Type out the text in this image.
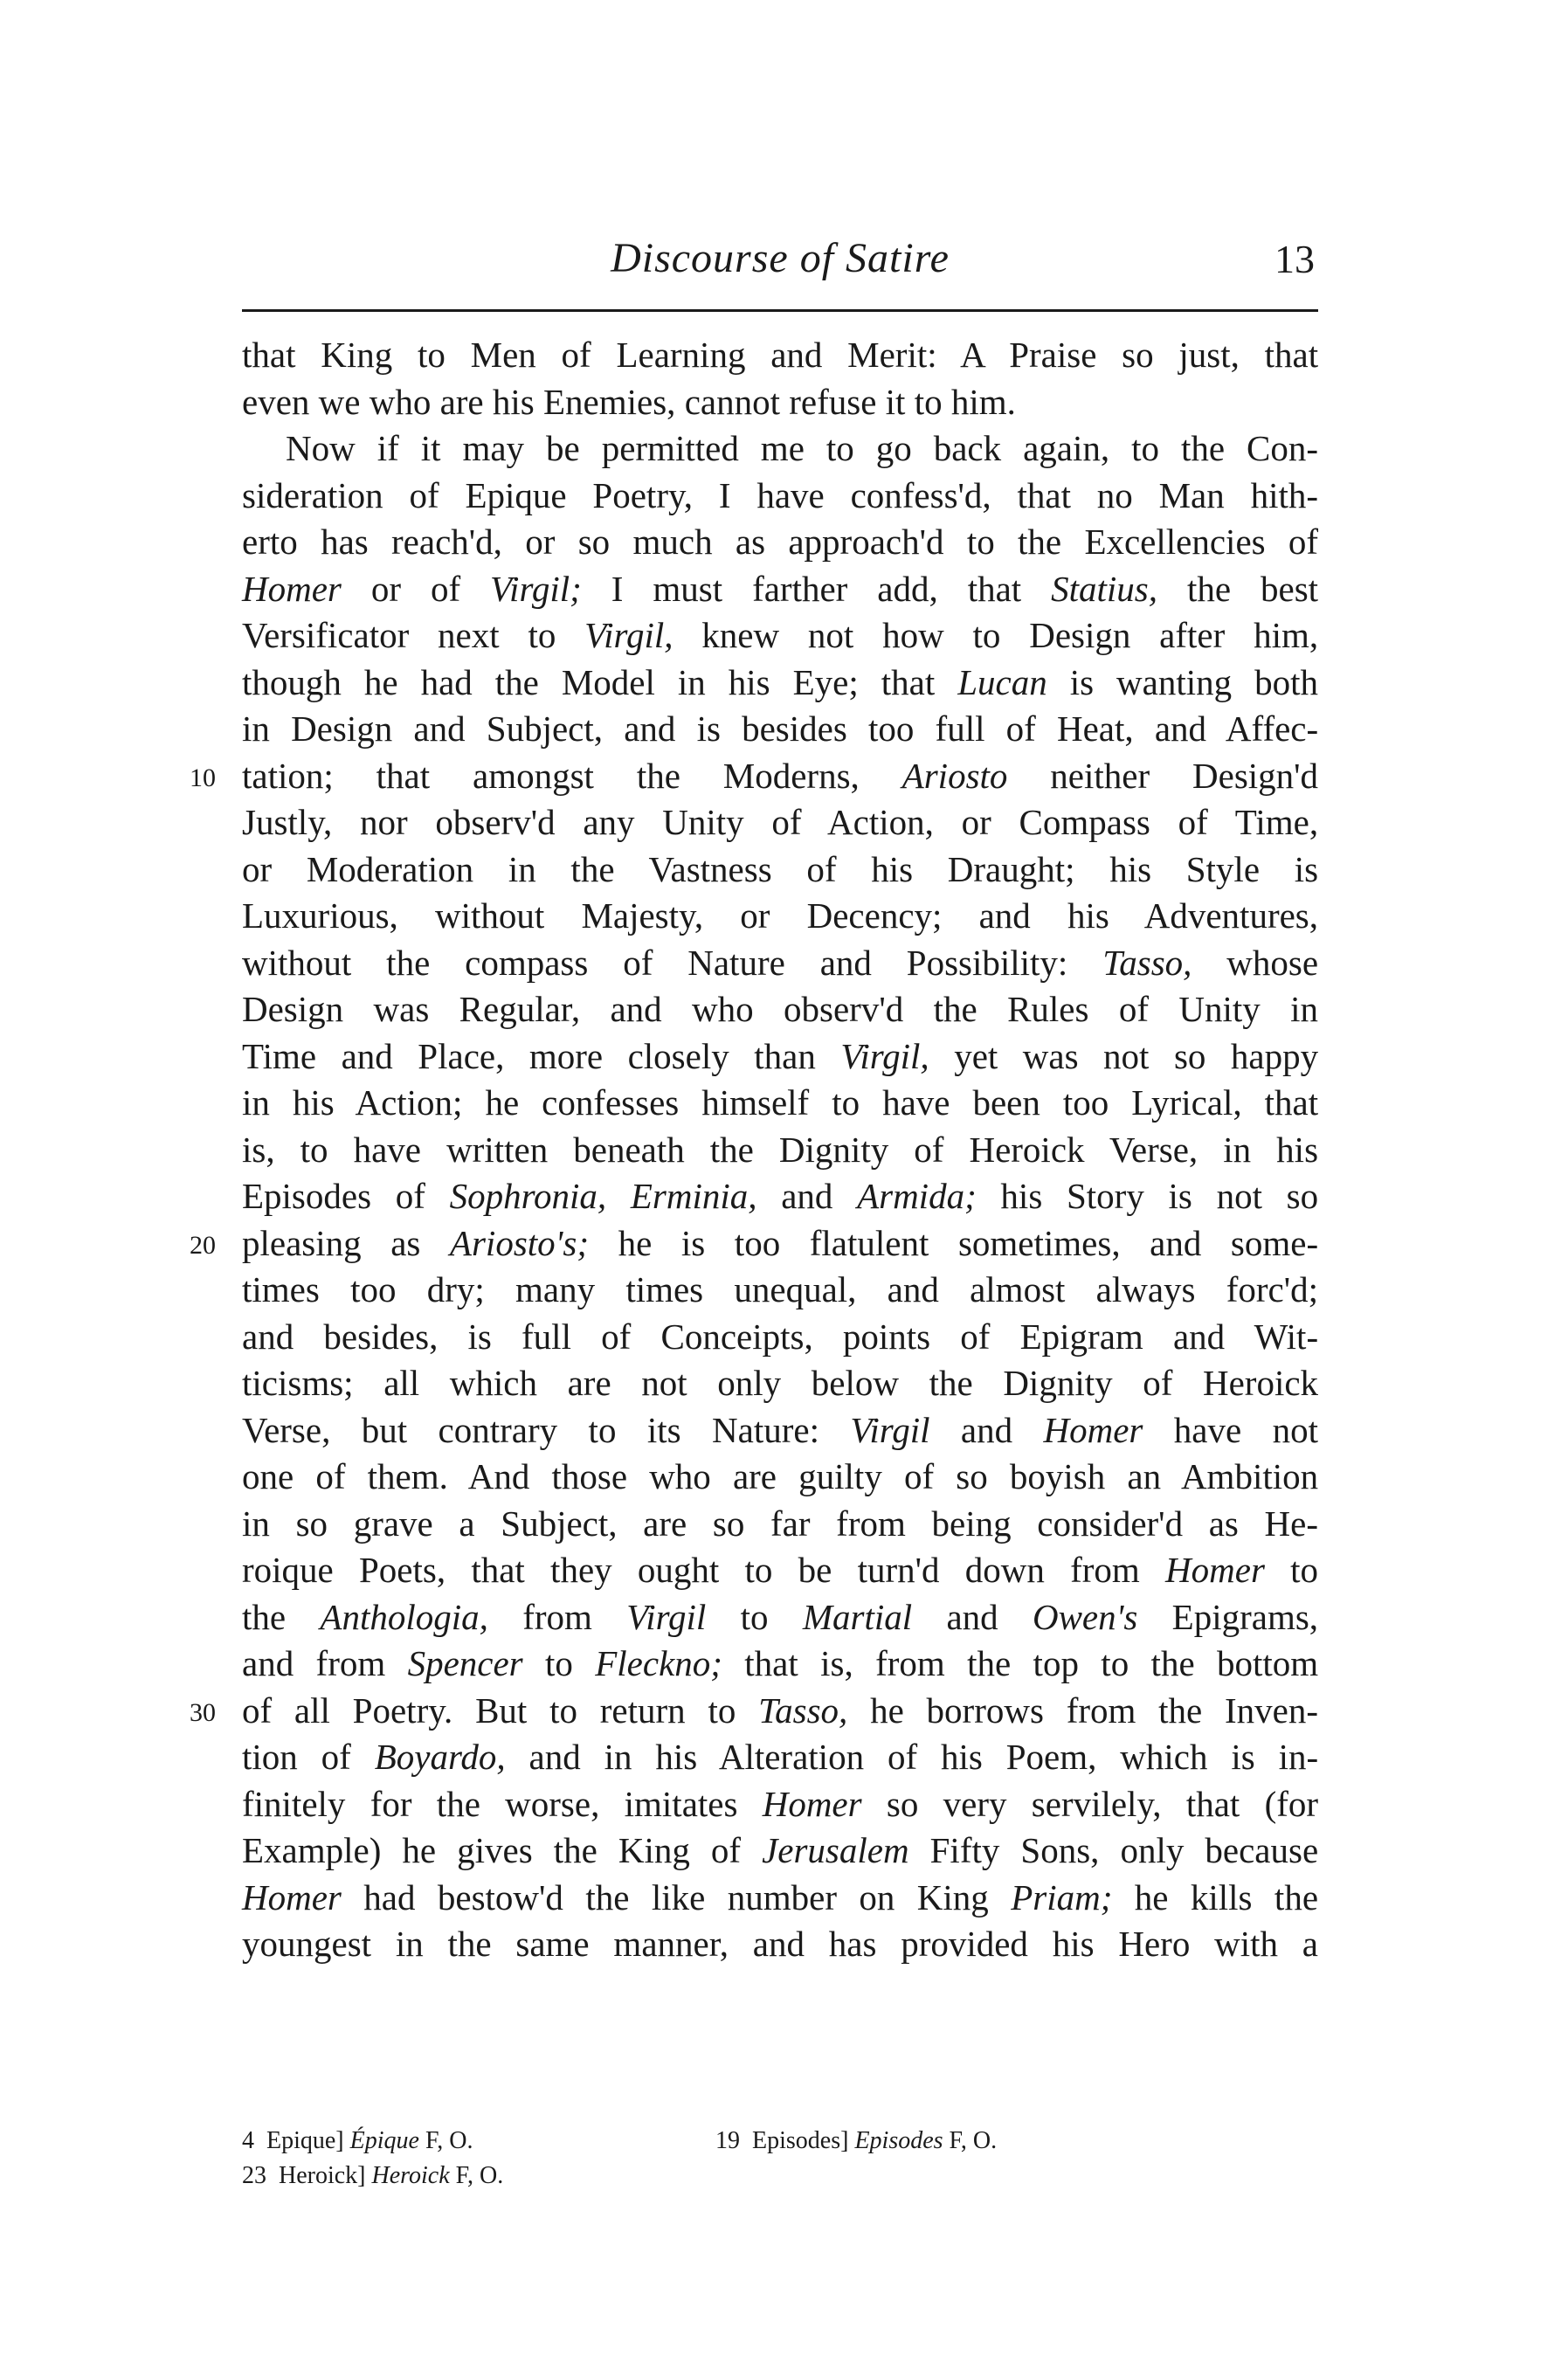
Discourse of Satire	13
that King to Men of Learning and Merit: A Praise so just, that
even we who are his Enemies, cannot refuse it to him.
Now if it may be permitted me to go back again, to the Con-
sideration of Epique Poetry, I have confess'd, that no Man hith-
erto has reach'd, or so much as approach'd to the Excellencies of
Homer or of Virgil; I must farther add, that Statius, the best
Versificator next to Virgil, knew not how to Design after him,
though he had the Model in his Eye; that Lucan is wanting both
in Design and Subject, and is besides too full of Heat, and Affec-
tation; that amongst the Moderns, Ariosto neither Design'd
10
Justly, nor observ'd any Unity of Action, or Compass of Time,
or Moderation in the Vastness of his Draught; his Style is
Luxurious, without Majesty, or Decency; and his Adventures,
without the compass of Nature and Possibility: Tasso, whose
Design was Regular, and who observ'd the Rules of Unity in
Time and Place, more closely than Virgil, yet was not so happy
in his Action; he confesses himself to have been too Lyrical, that
is, to have written beneath the Dignity of Heroick Verse, in his
Episodes of Sophronia, Erminia, and Armida; his Story is not so
pleasing as Ariosto's; he is too flatulent sometimes, and some-
20
times too dry; many times unequal, and almost always forc'd;
and besides, is full of Conceipts, points of Epigram and Wit-
ticisms; all which are not only below the Dignity of Heroick
Verse, but contrary to its Nature: Virgil and Homer have not
one of them. And those who are guilty of so boyish an Ambition
in so grave a Subject, are so far from being consider'd as He-
roique Poets, that they ought to be turn'd down from Homer to
the Anthologia, from Virgil to Martial and Owen's Epigrams,
and from Spencer to Fleckno; that is, from the top to the bottom
of all Poetry. But to return to Tasso, he borrows from the Inven-
30
tion of Boyardo, and in his Alteration of his Poem, which is in-
finitely for the worse, imitates Homer so very servilely, that (for
Example) he gives the King of Jerusalem Fifty Sons, only because
Homer had bestow'd the like number on King Priam; he kills the
youngest in the same manner, and has provided his Hero with a
4 Epique] Épique F, O.	19 Episodes] Episodes F, O.
23 Heroick] Heroick F, O.
